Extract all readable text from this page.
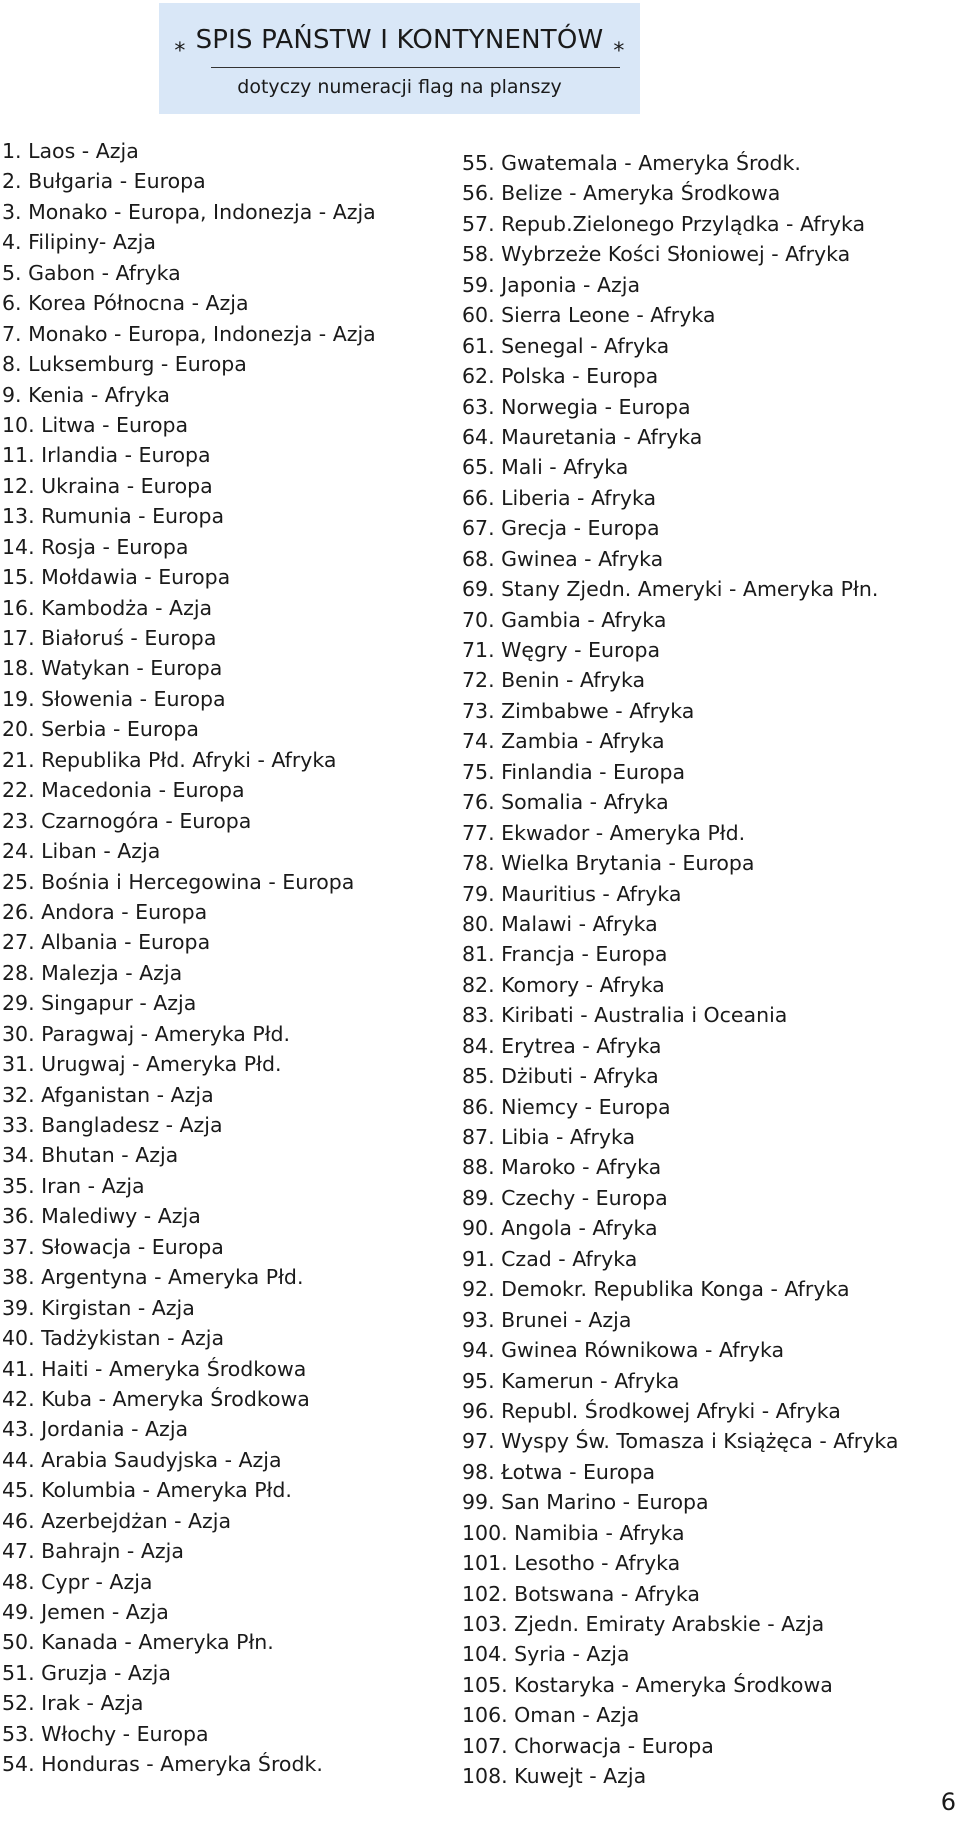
⁎ SPIS PAŃSTW I KONTYNENTÓW ⁎
dotyczy numeracji flag na planszy
1. Laos - Azja
2. Bułgaria - Europa
3. Monako - Europa, Indonezja - Azja
4. Filipiny- Azja
5. Gabon - Afryka
6. Korea Północna - Azja
7. Monako - Europa, Indonezja - Azja
8. Luksemburg - Europa
9. Kenia - Afryka
10. Litwa - Europa
11. Irlandia - Europa
12. Ukraina - Europa
13. Rumunia - Europa
14. Rosja - Europa
15. Mołdawia - Europa
16. Kambodża - Azja
17. Białoruś - Europa
18. Watykan - Europa
19. Słowenia - Europa
20. Serbia - Europa
21. Republika Płd. Afryki - Afryka
22. Macedonia - Europa
23. Czarnogóra - Europa
24. Liban - Azja
25. Bośnia i Hercegowina - Europa
26. Andora - Europa
27. Albania - Europa
28. Malezja - Azja
29. Singapur - Azja
30. Paragwaj - Ameryka Płd.
31. Urugwaj - Ameryka Płd.
32. Afganistan - Azja
33. Bangladesz - Azja
34. Bhutan - Azja
35. Iran - Azja
36. Malediwy - Azja
37. Słowacja - Europa
38. Argentyna - Ameryka Płd.
39. Kirgistan - Azja
40. Tadżykistan - Azja
41. Haiti - Ameryka Środkowa
42. Kuba - Ameryka Środkowa
43. Jordania - Azja
44. Arabia Saudyjska - Azja
45. Kolumbia - Ameryka Płd.
46. Azerbejdżan - Azja
47. Bahrajn - Azja
48. Cypr - Azja
49. Jemen - Azja
50. Kanada - Ameryka Płn.
51. Gruzja - Azja
52. Irak - Azja
53. Włochy - Europa
54. Honduras - Ameryka Środk.
55. Gwatemala - Ameryka Środk.
56. Belize - Ameryka Środkowa
57. Repub.Zielonego Przylądka - Afryka
58. Wybrzeże Kości Słoniowej - Afryka
59. Japonia - Azja
60. Sierra Leone - Afryka
61. Senegal - Afryka
62. Polska - Europa
63. Norwegia - Europa
64. Mauretania - Afryka
65. Mali - Afryka
66. Liberia - Afryka
67. Grecja - Europa
68. Gwinea - Afryka
69. Stany Zjedn. Ameryki - Ameryka Płn.
70. Gambia - Afryka
71. Węgry - Europa
72. Benin - Afryka
73. Zimbabwe - Afryka
74. Zambia - Afryka
75. Finlandia - Europa
76. Somalia - Afryka
77. Ekwador - Ameryka Płd.
78. Wielka Brytania - Europa
79. Mauritius - Afryka
80. Malawi - Afryka
81. Francja - Europa
82. Komory - Afryka
83. Kiribati - Australia i Oceania
84. Erytrea - Afryka
85. Dżibuti - Afryka
86. Niemcy - Europa
87. Libia - Afryka
88. Maroko - Afryka
89. Czechy - Europa
90. Angola - Afryka
91. Czad - Afryka
92. Demokr. Republika Konga - Afryka
93. Brunei - Azja
94. Gwinea Równikowa - Afryka
95. Kamerun - Afryka
96. Republ. Środkowej Afryki - Afryka
97. Wyspy Św. Tomasza i Książęca - Afryka
98. Łotwa - Europa
99. San Marino - Europa
100. Namibia - Afryka
101. Lesotho - Afryka
102. Botswana - Afryka
103. Zjedn. Emiraty Arabskie - Azja
104. Syria - Azja
105. Kostaryka - Ameryka Środkowa
106. Oman - Azja
107. Chorwacja - Europa
108. Kuwejt - Azja
6
